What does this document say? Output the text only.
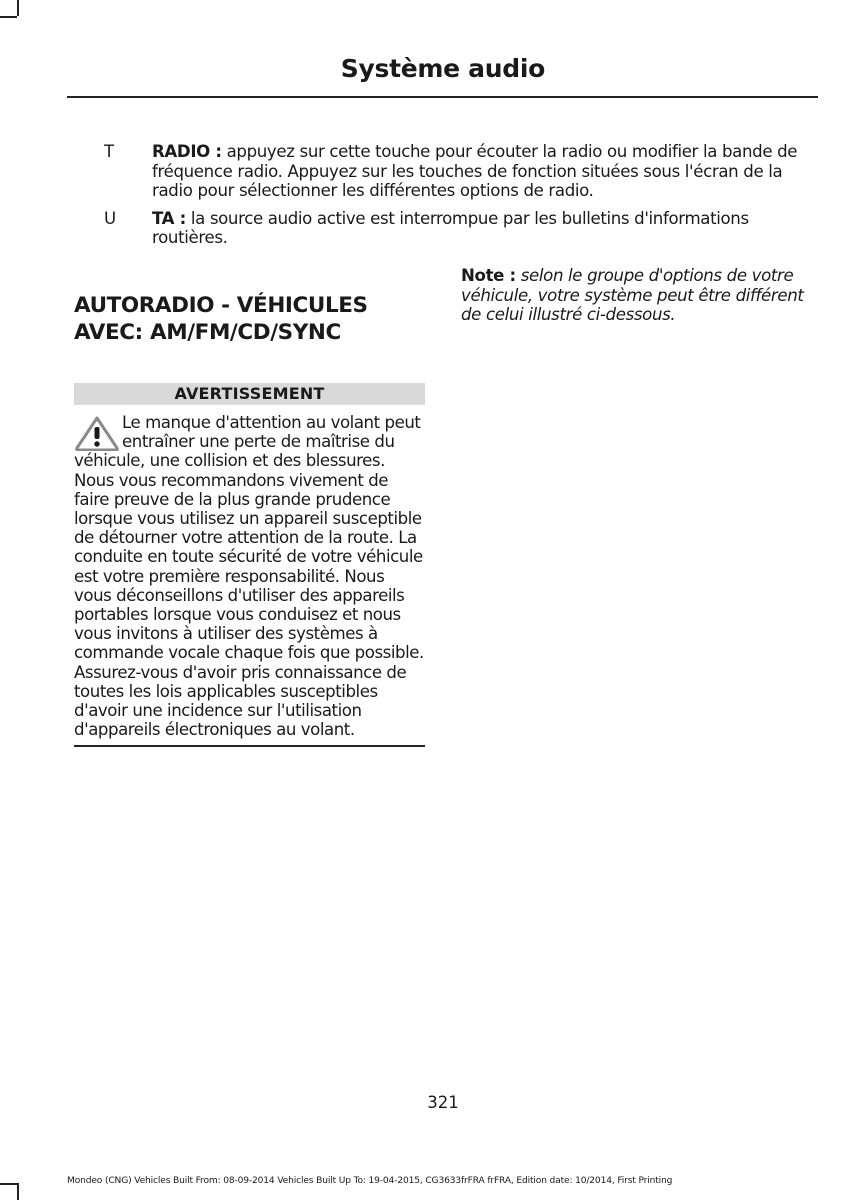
Système audio
T	RADIO : appuyez sur cette touche pour écouter la radio ou modifier la bande de fréquence radio. Appuyez sur les touches de fonction situées sous l'écran de la radio pour sélectionner les différentes options de radio.
U	TA : la source audio active est interrompue par les bulletins d'informations routières.
AUTORADIO - VÉHICULES AVEC: AM/FM/CD/SYNC
AVERTISSEMENT
Le manque d'attention au volant peut entraîner une perte de maîtrise du véhicule, une collision et des blessures. Nous vous recommandons vivement de faire preuve de la plus grande prudence lorsque vous utilisez un appareil susceptible de détourner votre attention de la route. La conduite en toute sécurité de votre véhicule est votre première responsabilité. Nous vous déconseillons d'utiliser des appareils portables lorsque vous conduisez et nous vous invitons à utiliser des systèmes à commande vocale chaque fois que possible. Assurez-vous d'avoir pris connaissance de toutes les lois applicables susceptibles d'avoir une incidence sur l'utilisation d'appareils électroniques au volant.
Note : selon le groupe d'options de votre véhicule, votre système peut être différent de celui illustré ci-dessous.
321
Mondeo (CNG) Vehicles Built From: 08-09-2014 Vehicles Built Up To: 19-04-2015, CG3633frFRA frFRA, Edition date: 10/2014, First Printing
